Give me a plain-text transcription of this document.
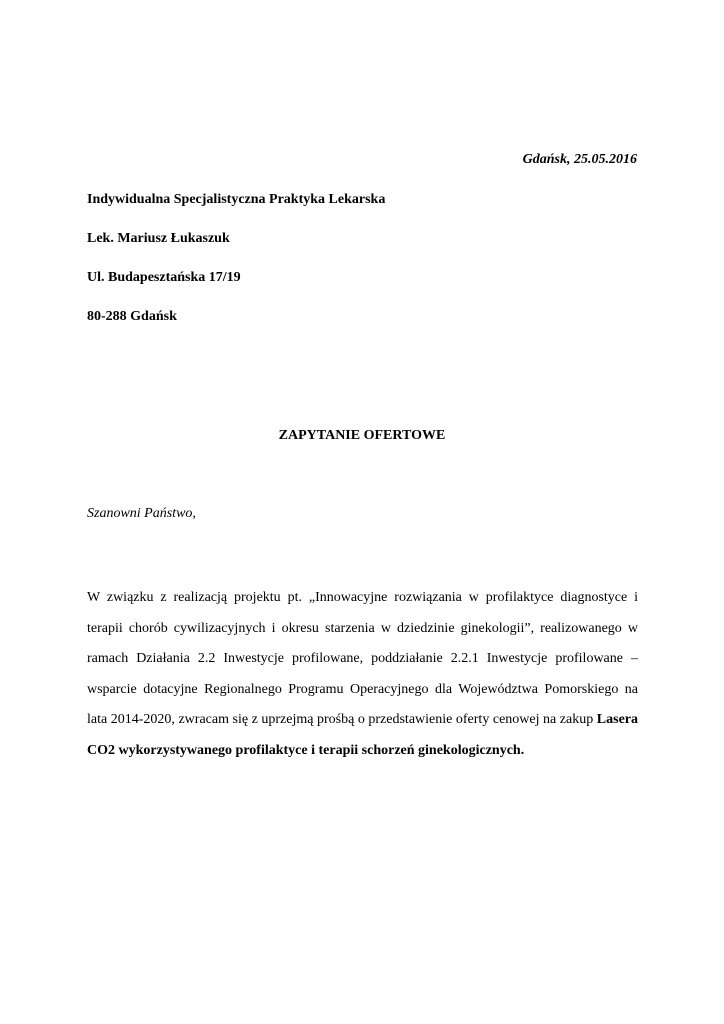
Gdańsk, 25.05.2016
Indywidualna Specjalistyczna Praktyka Lekarska
Lek. Mariusz Łukaszuk
Ul. Budapesztańska 17/19
80-288 Gdańsk
ZAPYTANIE OFERTOWE
Szanowni Państwo,
W związku z realizacją projektu pt. „Innowacyjne rozwiązania w profilaktyce diagnostyce i terapii chorób cywilizacyjnych i okresu starzenia w dziedzinie ginekologii”, realizowanego w ramach Działania 2.2 Inwestycje profilowane, poddziałanie 2.2.1 Inwestycje profilowane – wsparcie dotacyjne Regionalnego Programu Operacyjnego dla Województwa Pomorskiego na lata 2014-2020, zwracam się z uprzejmą prośbą o przedstawienie oferty cenowej na zakup Lasera CO2 wykorzystywanego profilaktyce i terapii schorzeń ginekologicznych.
